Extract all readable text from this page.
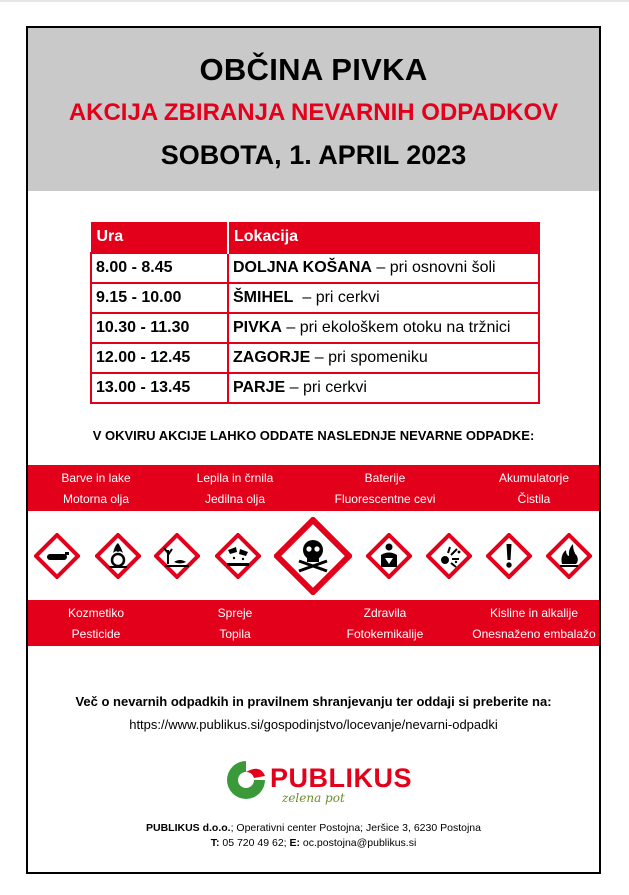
OBČINA PIVKA
AKCIJA ZBIRANJA NEVARNIH ODPADKOV
SOBOTA, 1. APRIL 2023
Ura	Lokacija
8.00 - 8.45	DOLJNA KOŠANA – pri osnovni šoli
9.15 - 10.00	ŠMIHEL  – pri cerkvi
10.30 - 11.30	PIVKA – pri ekološkem otoku na tržnici
12.00 - 12.45	ZAGORJE – pri spomeniku
13.00 - 13.45	PARJE – pri cerkvi
V OKVIRU AKCIJE LAHKO ODDATE NASLEDNJE NEVARNE ODPADKE:
Barve in lake	Lepila in črnila	Baterije	Akumulatorje
Motorna olja	Jedilna olja	Fluorescentne cevi	Čistila
Kozmetiko	Spreje	Zdravila	Kisline in alkalije
Pesticide	Topila	Fotokemikalije	Onesnaženo embalažo
Več o nevarnih odpadkih in pravilnem shranjevanju ter oddaji si preberite na:
https://www.publikus.si/gospodinjstvo/locevanje/nevarni-odpadki
PUBLIKUS
zelena pot
PUBLIKUS d.o.o.; Operativni center Postojna; Jeršice 3, 6230 Postojna
T: 05 720 49 62; E: oc.postojna@publikus.si
